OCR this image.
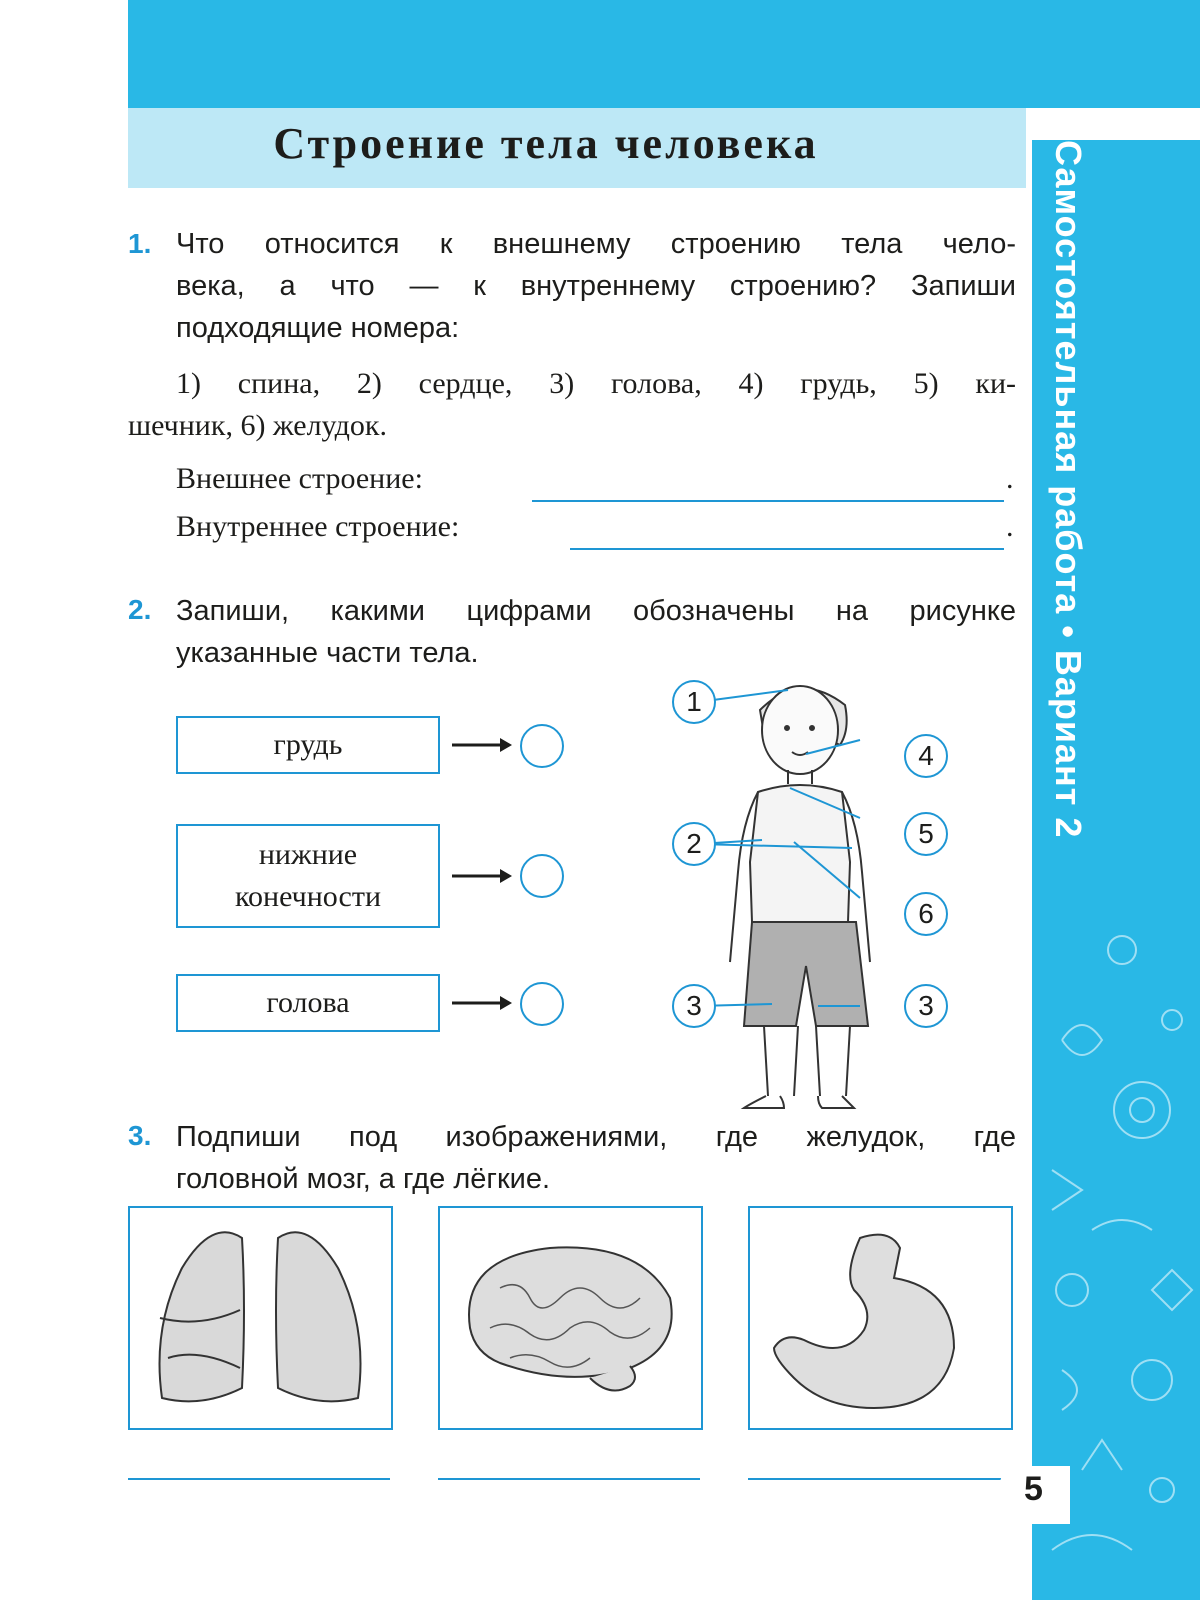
Строение тела человека	Самостоятельная работа • Вариант 2
1. Что относится к внешнему строению тела чело-
века, а что — к внутреннему строению? Запиши
подходящие номера:
1) спина, 2) сердце, 3) голова, 4) грудь, 5) ки-
шечник, 6) желудок.
Внешнее строение:	.
Внутреннее строение:	.
2. Запиши, какими цифрами обозначены на рисунке
указанные части тела.
грудь
нижние конечности
голова
1
4
2	5
6
3	3
3. Подпиши под изображениями, где желудок, где
головной мозг, а где лёгкие.
5
